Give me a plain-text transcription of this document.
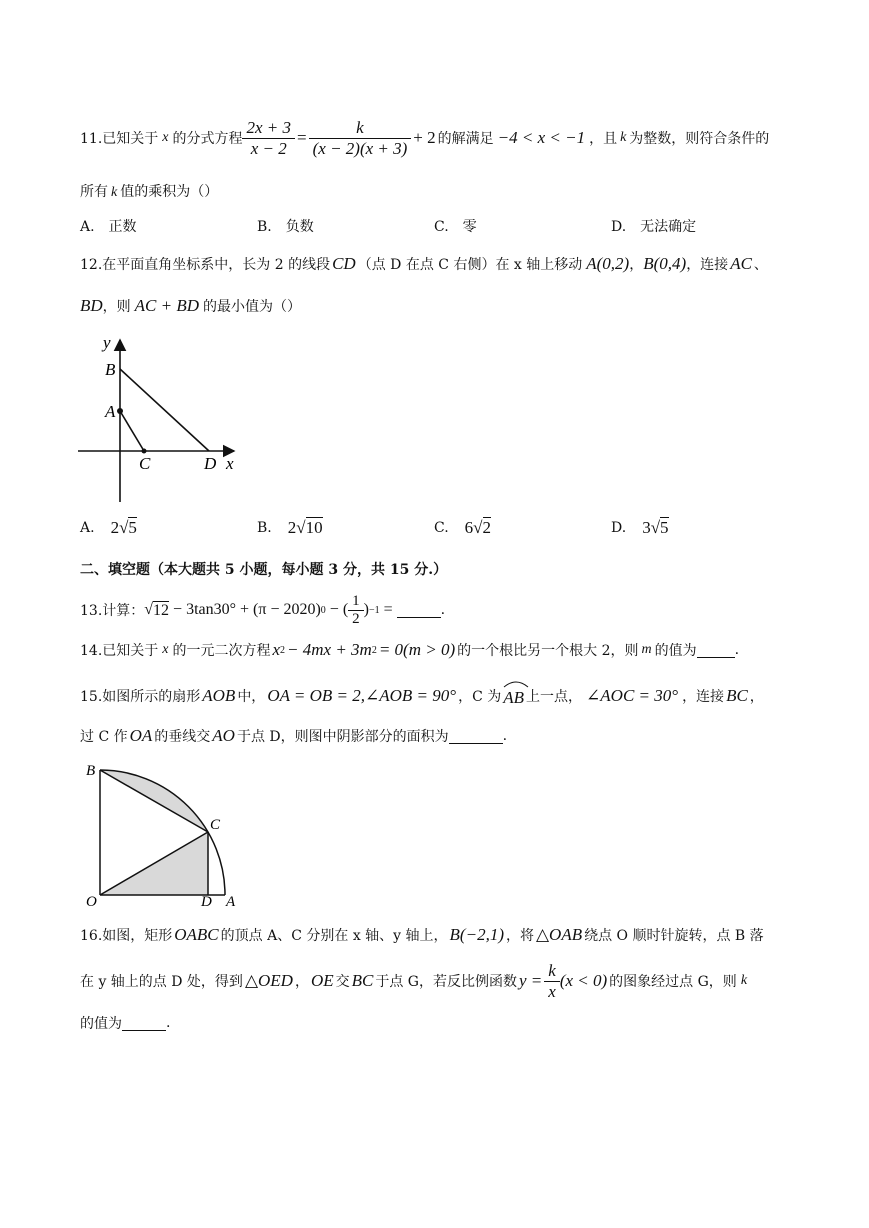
11.已知关于 x 的分式方程 $\frac{2x + 3}{x - 2} = \frac{k}{(x - 2)(x + 3)} + 2$ 的解满足 −4 < x < −1 ，且 k 为整数，则符合条件的
所有 k 值的乘积为（）
A.　正数	B.　负数	C.　零	D.　无法确定
12.在平面直角坐标系中，长为 2 的线段 CD （点 D 在点 C 右侧）在 x 轴上移动 A(0,2) ， B(0,4) ，连接 AC 、
BD ，则 AC + BD 的最小值为（）
y
B
A
C	D x
A. 2 √ 5	B. 2 √ 10	C. 6 √ 2	D. 3 √ 5
二、填空题（本大题共 5 小题，每小题 3 分，共 15 分.）
13.计算： √ 12 − 3tan30° + (π − 2020) 0 − ( $\frac{1}{2}$ ) −1 =	.
14.已知关于 x 的一元二次方程 x 2 − 4mx + 3m 2 = 0(m > 0) 的一个根比另一个根大 2，则 m 的值为	.
15.如图所示的扇形 AOB 中， OA = OB = 2,∠AOB = 90° ，C 为 AB 上一点， ∠AOC = 30° ，连接 BC ，
过 C 作 OA 的垂线交 AO 于点 D，则图中阴影部分的面积为	.
B
C
O	D A
16.如图，矩形 OABC 的顶点 A、C 分别在 x 轴、y 轴上， B(−2,1) ，将 △OAB 绕点 O 顺时针旋转，点 B 落
在 y 轴上的点 D 处，得到 △OED ， OE 交 BC 于点 G，若反比例函数 $y = \frac{k}{x} (x < 0)$ 的图象经过点 G，则 k
的值为	.
